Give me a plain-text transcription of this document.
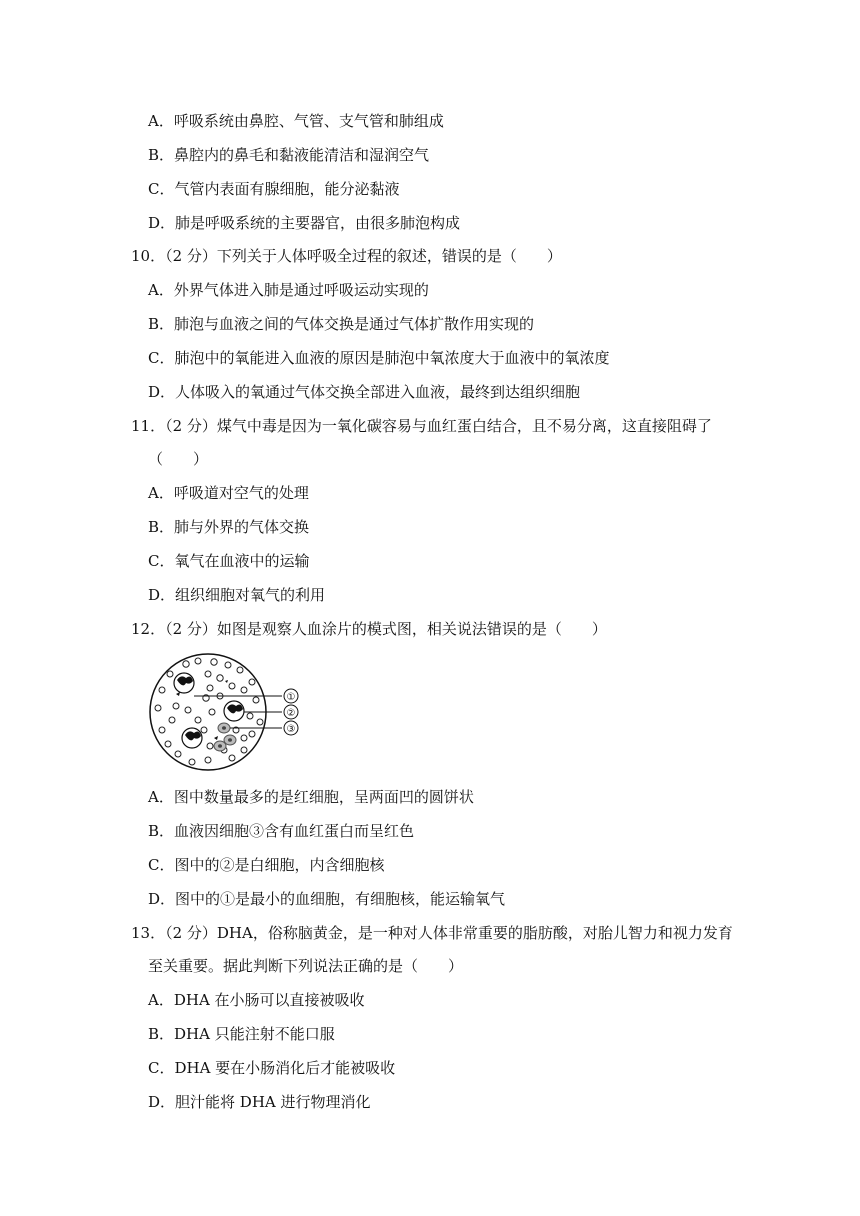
A．呼吸系统由鼻腔、气管、支气管和肺组成
B．鼻腔内的鼻毛和黏液能清洁和湿润空气
C．气管内表面有腺细胞，能分泌黏液
D．肺是呼吸系统的主要器官，由很多肺泡构成
10．（2 分）下列关于人体呼吸全过程的叙述，错误的是（　　）
A．外界气体进入肺是通过呼吸运动实现的
B．肺泡与血液之间的气体交换是通过气体扩散作用实现的
C．肺泡中的氧能进入血液的原因是肺泡中氧浓度大于血液中的氧浓度
D．人体吸入的氧通过气体交换全部进入血液，最终到达组织细胞
11．（2 分）煤气中毒是因为一氧化碳容易与血红蛋白结合，且不易分离，这直接阻碍了
（　　）
A．呼吸道对空气的处理
B．肺与外界的气体交换
C．氧气在血液中的运输
D．组织细胞对氧气的利用
12．（2 分）如图是观察人血涂片的模式图，相关说法错误的是（　　）
①
②
③
A．图中数量最多的是红细胞，呈两面凹的圆饼状
B．血液因细胞③含有血红蛋白而呈红色
C．图中的②是白细胞，内含细胞核
D．图中的①是最小的血细胞，有细胞核，能运输氧气
13．（2 分）DHA，俗称脑黄金，是一种对人体非常重要的脂肪酸，对胎儿智力和视力发育
至关重要。据此判断下列说法正确的是（　　）
A．DHA 在小肠可以直接被吸收
B．DHA 只能注射不能口服
C．DHA 要在小肠消化后才能被吸收
D．胆汁能将 DHA 进行物理消化
